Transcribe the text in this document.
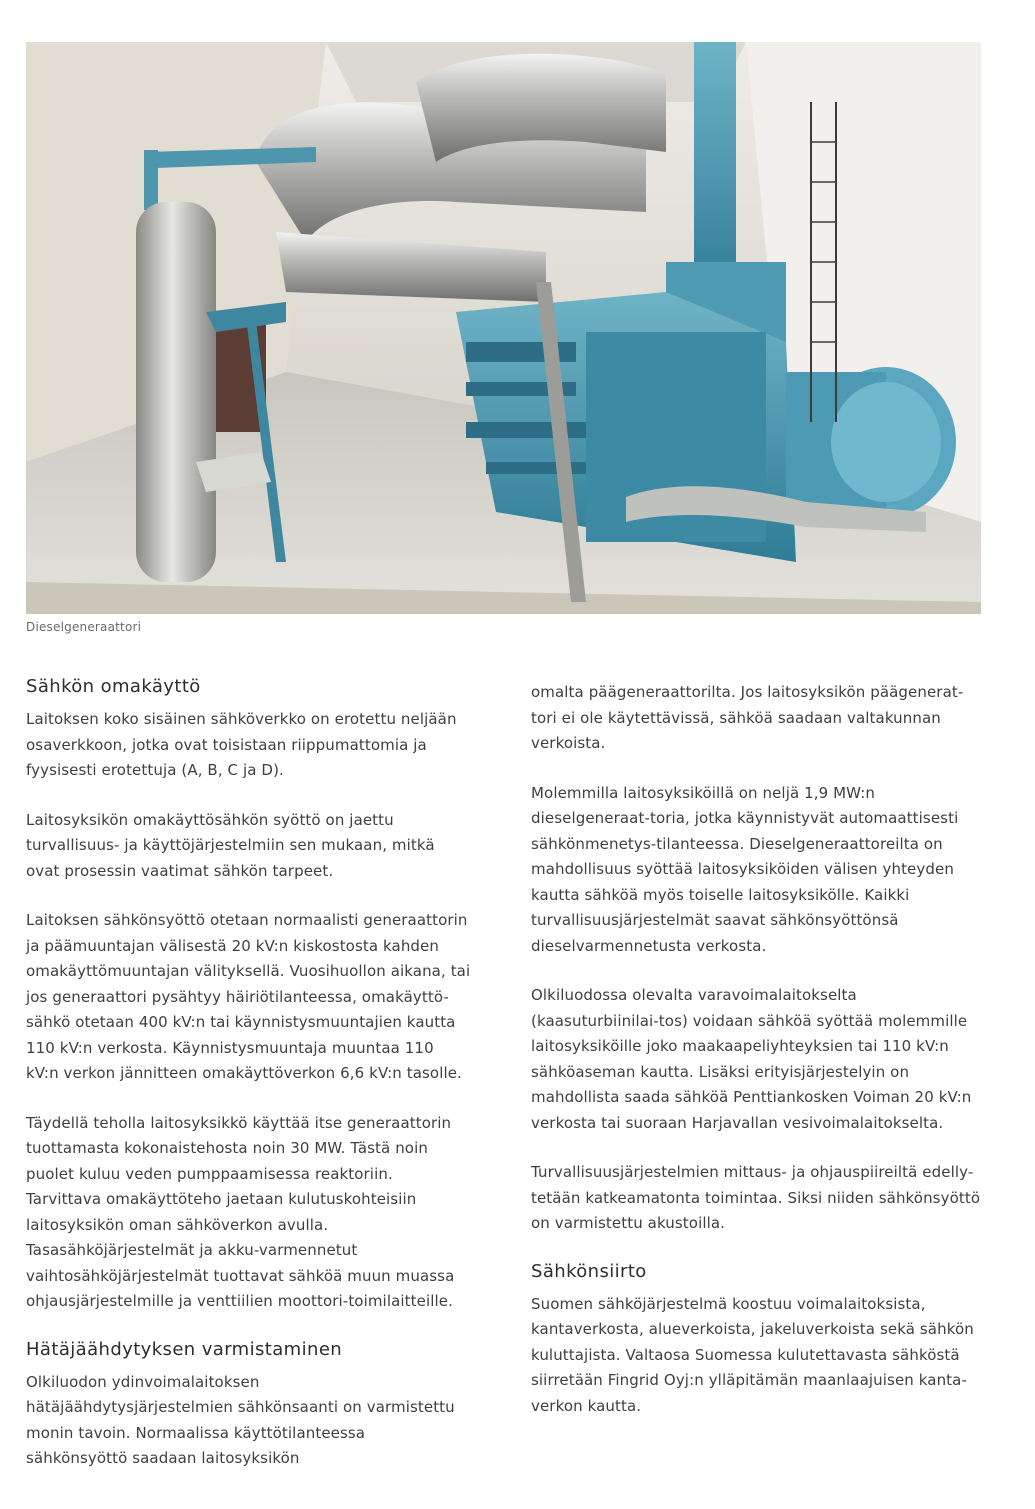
Dieselgeneraattori
Sähkön omakäyttö

Laitoksen koko sisäinen sähköverkko on erotettu neljään osaverkkoon, jotka ovat toisistaan riippumattomia ja fyysisesti erotettuja (A, B, C ja D).

Laitosyksikön omakäyttösähkön syöttö on jaettu turvallisuus- ja käyttöjärjestelmiin sen mukaan, mitkä ovat prosessin vaatimat sähkön tarpeet.

Laitoksen sähkönsyöttö otetaan normaalisti generaattorin ja päämuuntajan välisestä 20 kV:n kiskostosta kahden omakäyttömuuntajan välityksellä. Vuosihuollon aikana, tai jos generaattori pysähtyy häiriötilanteessa, omakäyttö-sähkö otetaan 400 kV:n tai käynnistysmuuntajien kautta 110 kV:n verkosta. Käynnistysmuuntaja muuntaa 110 kV:n verkon jännitteen omakäyttöverkon 6,6 kV:n tasolle.

Täydellä teholla laitosyksikkö käyttää itse generaattorin tuottamasta kokonaistehosta noin 30 MW. Tästä noin puolet kuluu veden pumppaamisessa reaktoriin. Tarvittava omakäyttöteho jaetaan kulutuskohteisiin laitosyksikön oman sähköverkon avulla. Tasasähköjärjestelmät ja akku-varmennetut vaihtosähköjärjestelmät tuottavat sähköä muun muassa ohjausjärjestelmille ja venttiilien moottori-toimilaitteille.

Hätäjäähdytyksen varmistaminen

Olkiluodon ydinvoimalaitoksen hätäjäähdytysjärjestelmien sähkönsaanti on varmistettu monin tavoin. Normaalissa käyttötilanteessa sähkönsyöttö saadaan laitosyksikön

omalta päägeneraattorilta. Jos laitosyksikön päägenerat-tori ei ole käytettävissä, sähköä saadaan valtakunnan verkoista.

Molemmilla laitosyksiköillä on neljä 1,9 MW:n dieselgeneraat-toria, jotka käynnistyvät automaattisesti sähkönmenetys-tilanteessa. Dieselgeneraattoreilta on mahdollisuus syöttää laitosyksiköiden välisen yhteyden kautta sähköä myös toiselle laitosyksikölle. Kaikki turvallisuusjärjestelmät saavat sähkönsyöttönsä dieselvarmennetusta verkosta.

Olkiluodossa olevalta varavoimalaitokselta (kaasuturbiinilai-tos) voidaan sähköä syöttää molemmille laitosyksiköille joko maakaapeliyhteyksien tai 110 kV:n sähköaseman kautta. Lisäksi erityisjärjestelyin on mahdollista saada sähköä Penttiankosken Voiman 20 kV:n verkosta tai suoraan Harjavallan vesivoimalaitokselta.

Turvallisuusjärjestelmien mittaus- ja ohjauspiireiltä edelly-tetään katkeamatonta toimintaa. Siksi niiden sähkönsyöttö on varmistettu akustoilla.

Sähkönsiirto

Suomen sähköjärjestelmä koostuu voimalaitoksista, kantaverkosta, alueverkoista, jakeluverkoista sekä sähkön kuluttajista. Valtaosa Suomessa kulutettavasta sähköstä siirretään Fingrid Oyj:n ylläpitämän maanlaajuisen kanta-verkon kautta.
